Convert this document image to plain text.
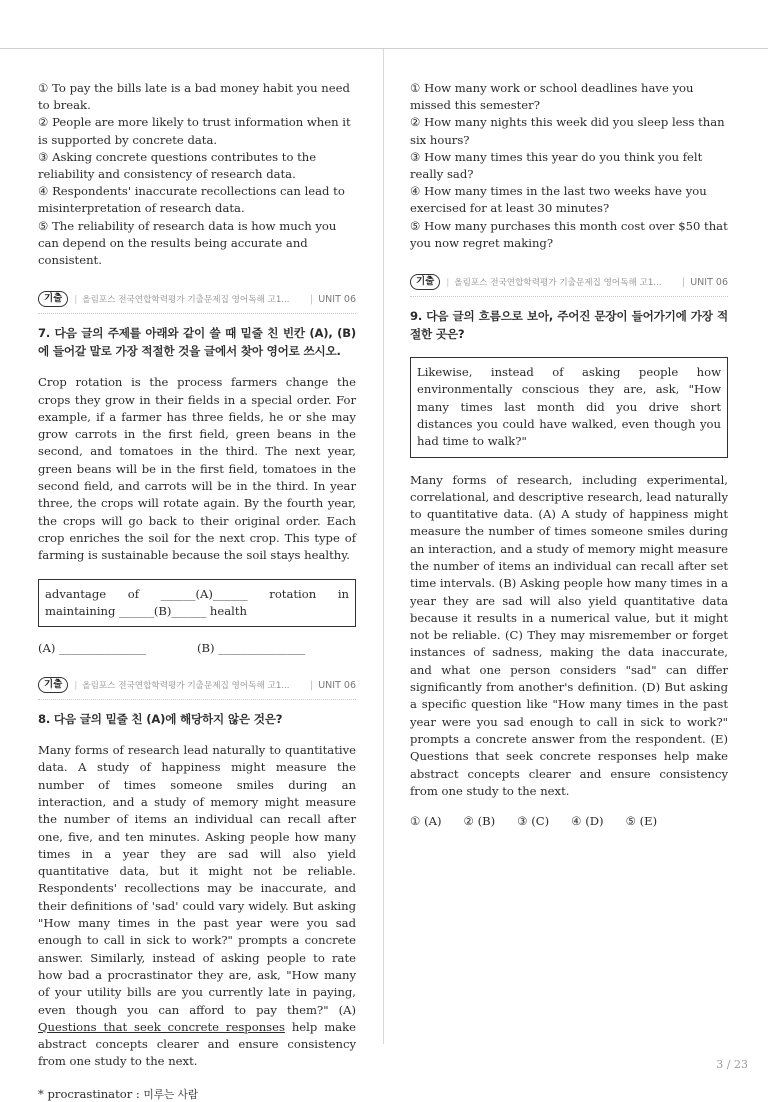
① To pay the bills late is a bad money habit you need to break.

② People are more likely to trust information when it is supported by concrete data.

③ Asking concrete questions contributes to the reliability and consistency of research data.

④ Respondents' inaccurate recollections can lead to misinterpretation of research data.

⑤ The reliability of research data is how much you can depend on the results being accurate and consistent.

기출	| 올림포스 전국연합학력평가 기출문제집 영어독해 고1...	| UNIT 06

7. 다음 글의 주제를 아래와 같이 쓸 때 밑줄 친 빈칸 (A), (B)에 들어갈 말로 가장 적절한 것을 글에서 찾아 영어로 쓰시오.

Crop rotation is the process farmers change the crops they grow in their fields in a special order. For example, if a farmer has three fields, he or she may grow carrots in the first field, green beans in the second, and tomatoes in the third. The next year, green beans will be in the first field, tomatoes in the second field, and carrots will be in the third. In year three, the crops will rotate again. By the fourth year, the crops will go back to their original order. Each crop enriches the soil for the next crop. This type of farming is sustainable because the soil stays healthy.

advantage of ______(A)______ rotation in maintaining ______(B)______ health
(A) _______________	(B) _______________
기출	| 올림포스 전국연합학력평가 기출문제집 영어독해 고1...	| UNIT 06

8. 다음 글의 밑줄 친 (A)에 해당하지 않은 것은?

Many forms of research lead naturally to quantitative data. A study of happiness might measure the number of times someone smiles during an interaction, and a study of memory might measure the number of items an individual can recall after one, five, and ten minutes. Asking people how many times in a year they are sad will also yield quantitative data, but it might not be reliable. Respondents' recollections may be inaccurate, and their definitions of 'sad' could vary widely. But asking "How many times in the past year were you sad enough to call in sick to work?" prompts a concrete answer. Similarly, instead of asking people to rate how bad a procrastinator they are, ask, "How many of your utility bills are you currently late in paying, even though you can afford to pay them?" (A) Questions that seek concrete responses help make abstract concepts clearer and ensure consistency from one study to the next.

* procrastinator : 미루는 사람

① How many work or school deadlines have you missed this semester?

② How many nights this week did you sleep less than six hours?

③ How many times this year do you think you felt really sad?

④ How many times in the last two weeks have you exercised for at least 30 minutes?

⑤ How many purchases this month cost over $50 that you now regret making?

기출	| 올림포스 전국연합학력평가 기출문제집 영어독해 고1...	| UNIT 06

9. 다음 글의 흐름으로 보아, 주어진 문장이 들어가기에 가장 적절한 곳은?

Likewise, instead of asking people how environmentally conscious they are, ask, "How many times last month did you drive short distances you could have walked, even though you had time to walk?"

Many forms of research, including experimental, correlational, and descriptive research, lead naturally to quantitative data. (A) A study of happiness might measure the number of times someone smiles during an interaction, and a study of memory might measure the number of items an individual can recall after set time intervals. (B) Asking people how many times in a year they are sad will also yield quantitative data because it results in a numerical value, but it might not be reliable. (C) They may misremember or forget instances of sadness, making the data inaccurate, and what one person considers "sad" can differ significantly from another's definition. (D) But asking a specific question like "How many times in the past year were you sad enough to call in sick to work?" prompts a concrete answer from the respondent. (E) Questions that seek concrete responses help make abstract concepts clearer and ensure consistency from one study to the next.

① (A) ② (B) ③ (C) ④ (D) ⑤ (E)
3 / 23
